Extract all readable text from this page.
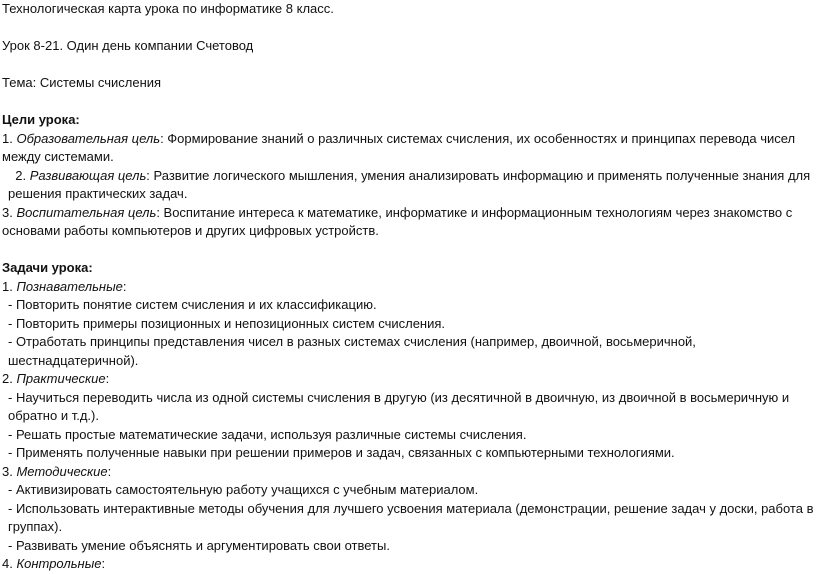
Технологическая карта урока по информатике 8 класс.

Урок 8-21. Один день компании Счетовод

Тема: Системы счисления

Цели урока:

1. Образовательная цель: Формирование знаний о различных системах счисления, их особенностях и принципах перевода чисел между системами.

2. Развивающая цель: Развитие логического мышления, умения анализировать информацию и применять полученные знания для решения практических задач.

3. Воспитательная цель: Воспитание интереса к математике, информатике и информационным технологиям через знакомство с основами работы компьютеров и других цифровых устройств.

Задачи урока:

1. Познавательные:

- Повторить понятие систем счисления и их классификацию.

- Повторить примеры позиционных и непозиционных систем счисления.

- Отработать принципы представления чисел в разных системах счисления (например, двоичной, восьмеричной, шестнадцатеричной).

2. Практические:

- Научиться переводить числа из одной системы счисления в другую (из десятичной в двоичную, из двоичной в восьмеричную и обратно и т.д.).

- Решать простые математические задачи, используя различные системы счисления.

- Применять полученные навыки при решении примеров и задач, связанных с компьютерными технологиями.

3. Методические:

- Активизировать самостоятельную работу учащихся с учебным материалом.

- Использовать интерактивные методы обучения для лучшего усвоения материала (демонстрации, решение задач у доски, работа в группах).

- Развивать умение объяснять и аргументировать свои ответы.

4. Контрольные:
